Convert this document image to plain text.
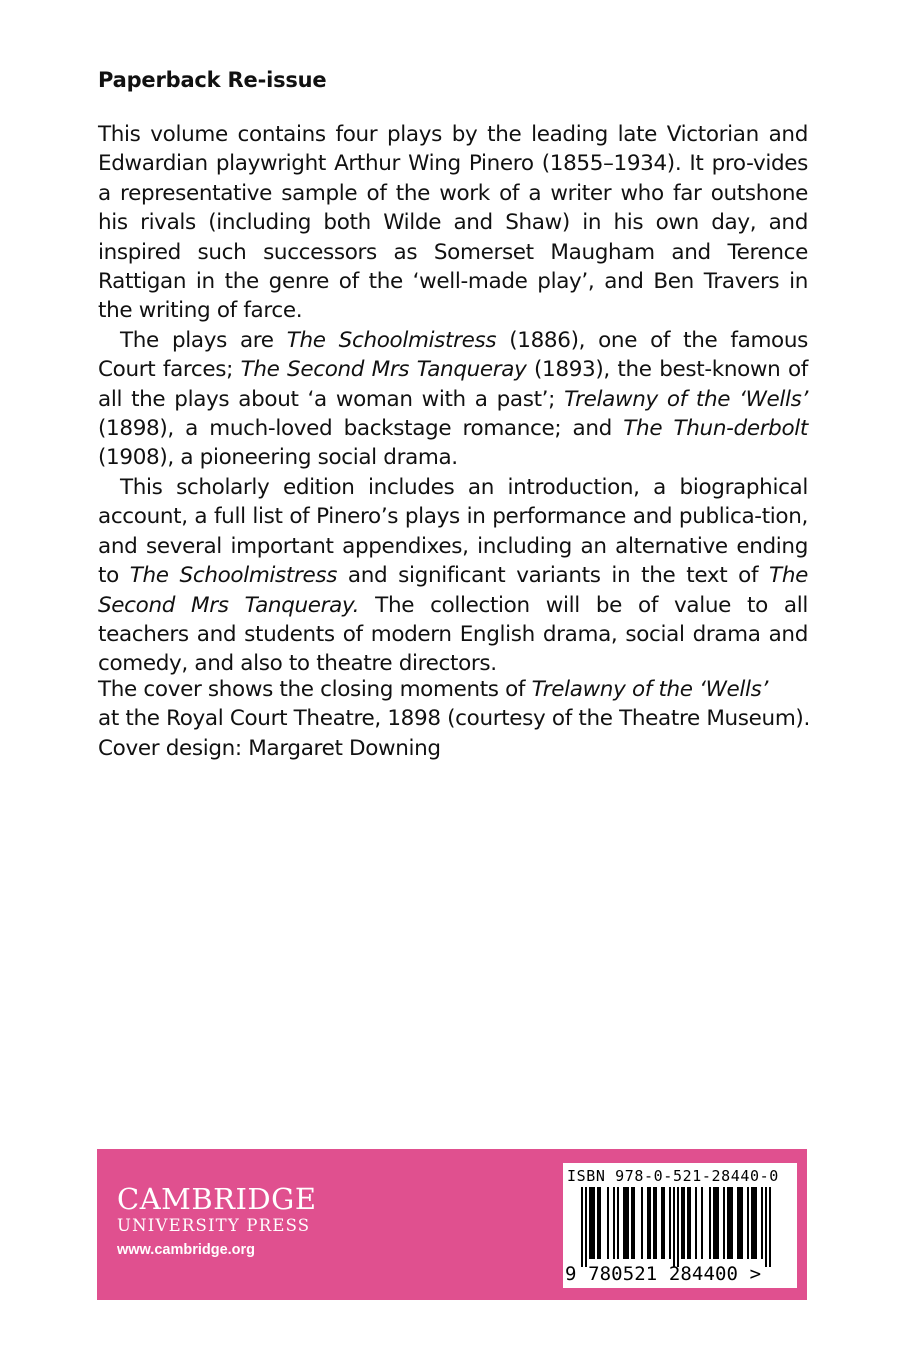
Paperback Re-issue

This volume contains four plays by the leading late Victorian and Edwardian playwright Arthur Wing Pinero (1855–1934). It pro-vides a representative sample of the work of a writer who far outshone his rivals (including both Wilde and Shaw) in his own day, and inspired such successors as Somerset Maugham and Terence Rattigan in the genre of the ‘well-made play’, and Ben Travers in the writing of farce.

The plays are The Schoolmistress (1886), one of the famous Court farces; The Second Mrs Tanqueray (1893), the best-known of all the plays about ‘a woman with a past’; Trelawny of the ‘Wells’ (1898), a much-loved backstage romance; and The Thun-derbolt (1908), a pioneering social drama.

This scholarly edition includes an introduction, a biographical account, a full list of Pinero’s plays in performance and publica-tion, and several important appendixes, including an alternative ending to The Schoolmistress and significant variants in the text of The Second Mrs Tanqueray. The collection will be of value to all teachers and students of modern English drama, social drama and comedy, and also to theatre directors.

The cover shows the closing moments of Trelawny of the ‘Wells’
at the Royal Court Theatre, 1898 (courtesy of the Theatre Museum).
Cover design: Margaret Downing
CAMBRIDGE
UNIVERSITY PRESS
www.cambridge.org
ISBN 978-0-521-28440-0
9 780521 284400 >
